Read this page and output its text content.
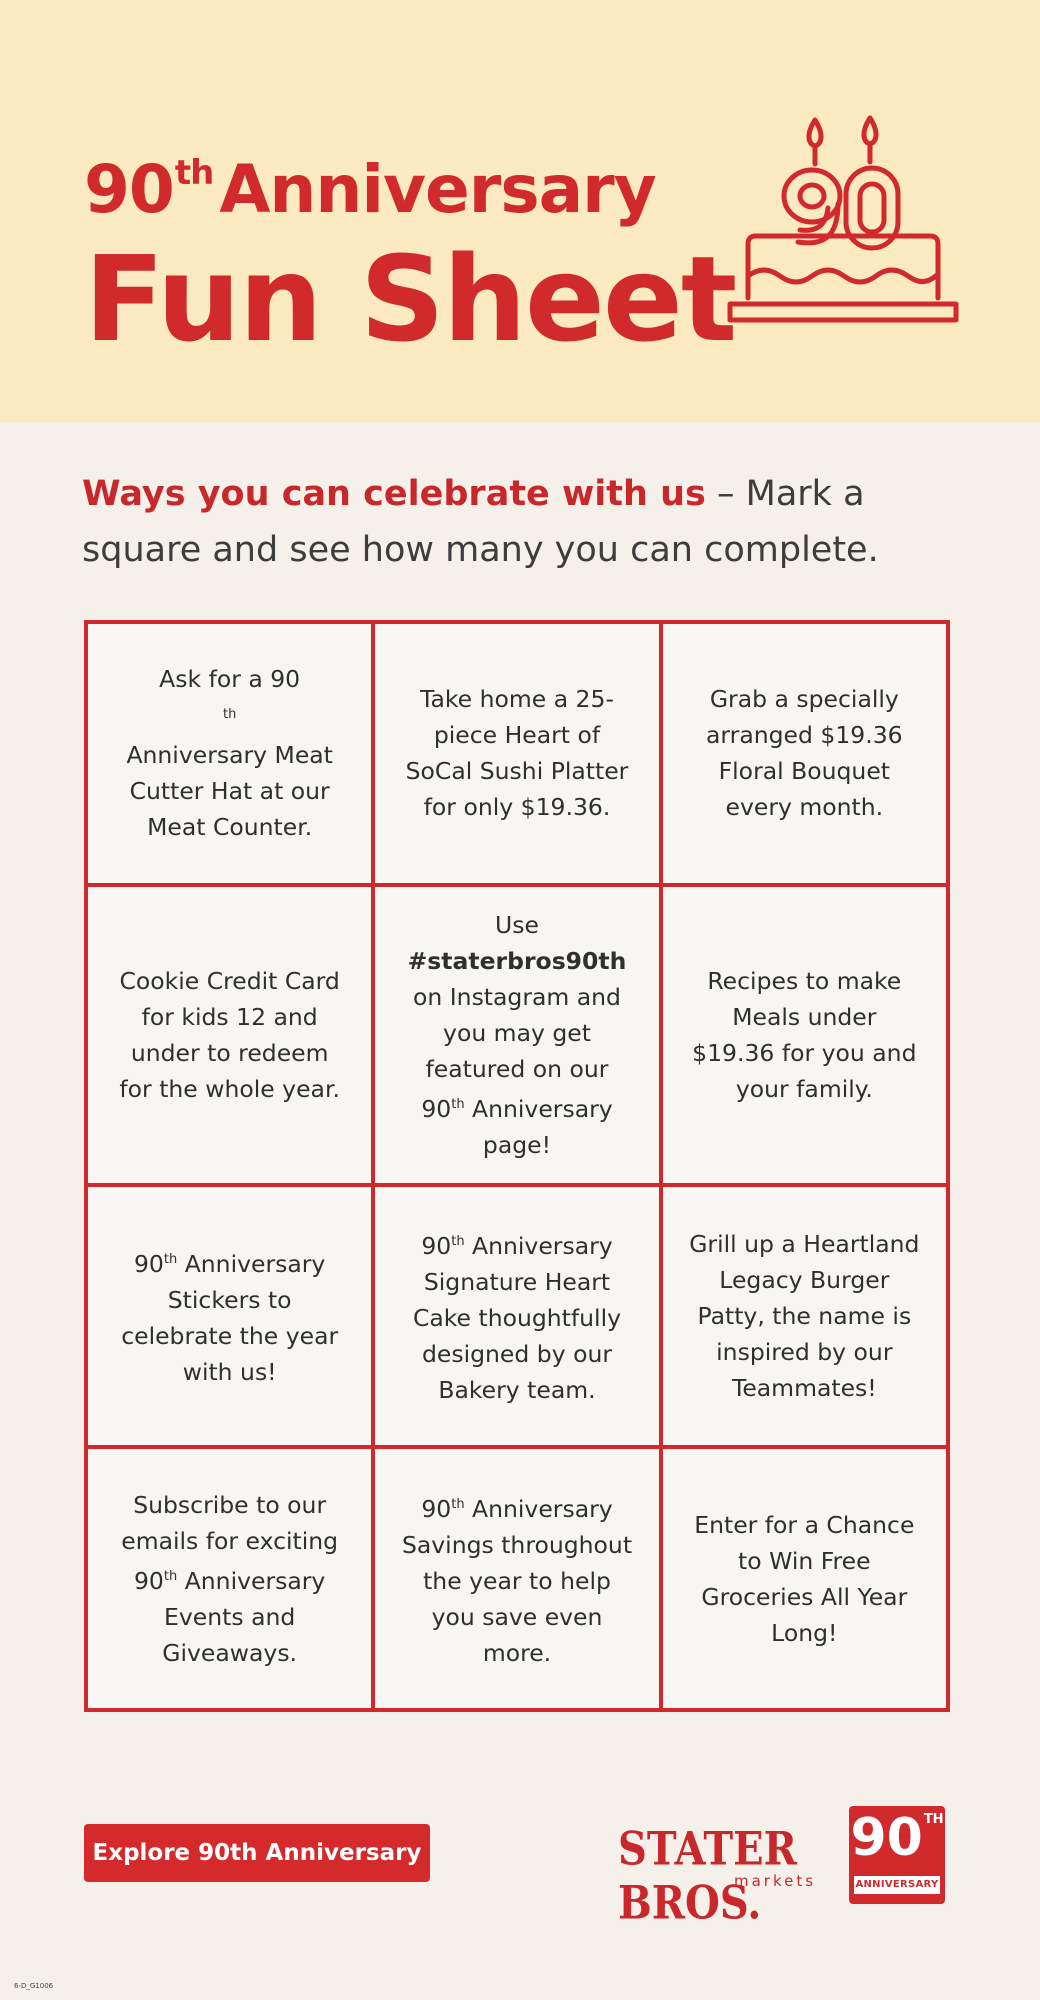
90thAnniversary
Fun Sheet
Ways you can celebrate with us – Mark a square and see how many you can complete.
Ask for a 90
$^{th}$
Anniversary Meat Cutter Hat at our Meat Counter.
Take home a 25-piece Heart of SoCal Sushi Platter for only $19.36.
Grab a specially arranged $19.36 Floral Bouquet every month.
Cookie Credit Card for kids 12 and under to redeem for the whole year.
Use #staterbros90th on Instagram and you may get featured on our 90th Anniversary page!
Recipes to make Meals under $19.36 for you and your family.
90th Anniversary Stickers to celebrate the year with us!
90th Anniversary Signature Heart Cake thoughtfully designed by our Bakery team.
Grill up a Heartland Legacy Burger Patty, the name is inspired by our Teammates!
Subscribe to our emails for exciting 90th Anniversary Events and Giveaways.
90th Anniversary Savings throughout the year to help you save even more.
Enter for a Chance to Win Free Groceries All Year Long!
Explore 90th Anniversary	STATER BROS.
markets
90TH
ANNIVERSARY
6-D_G1006
